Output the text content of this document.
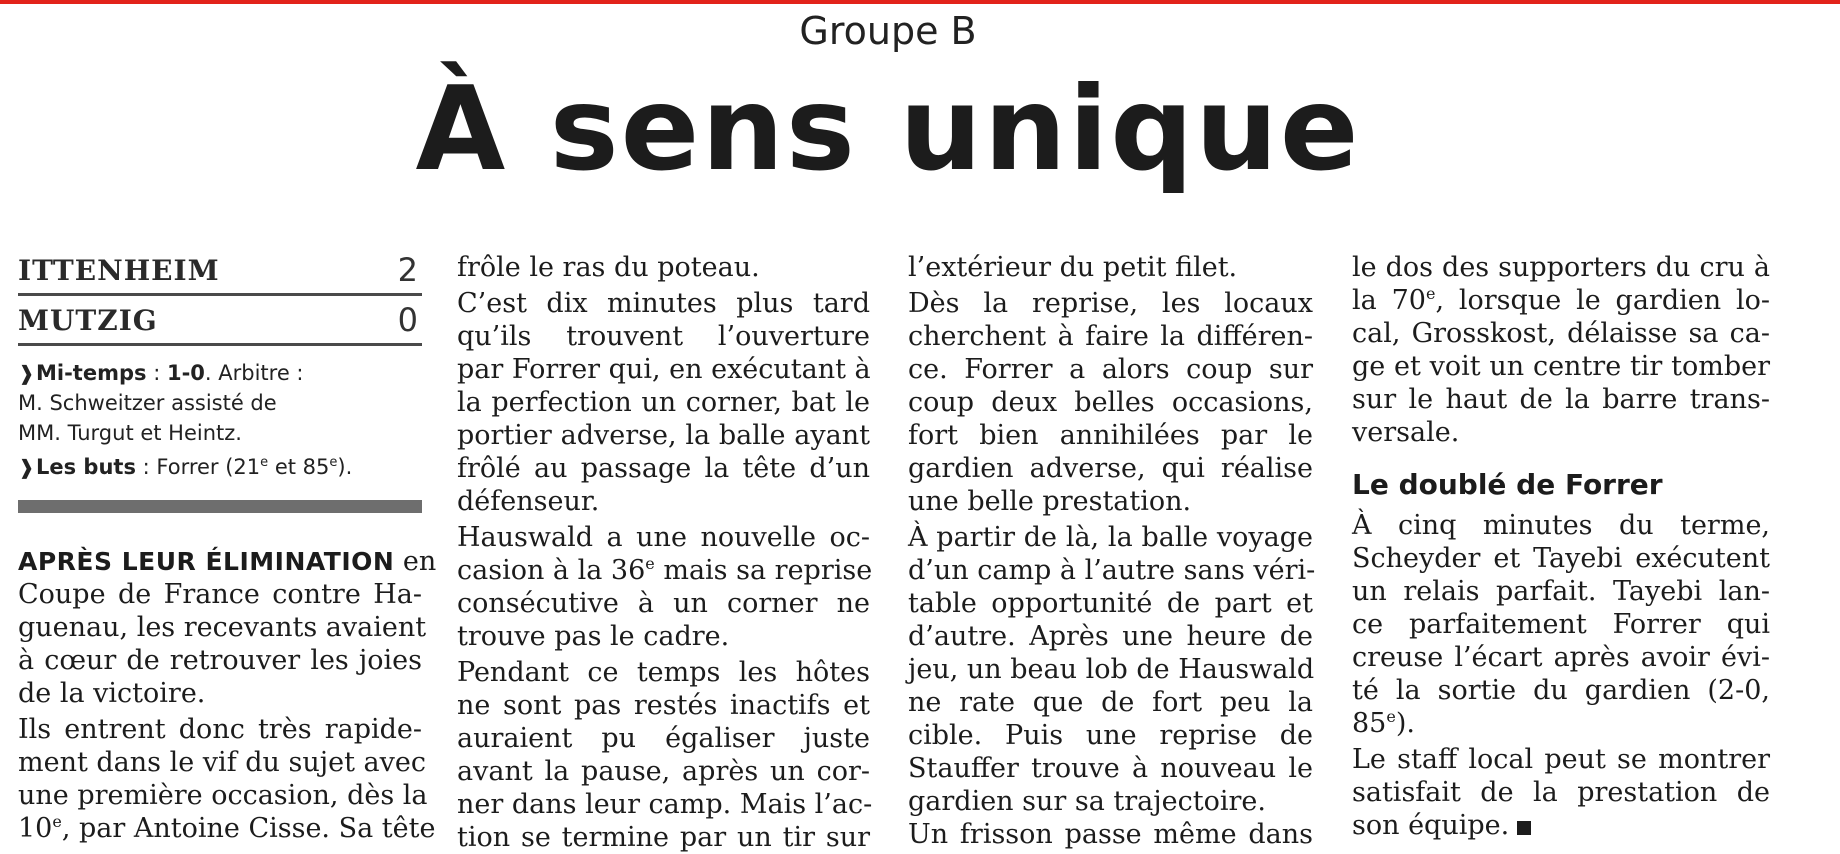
Groupe B
À sens unique
ITTENHEIM	2
MUTZIG	0
❱Mi-temps : 1-0. Arbitre :
M. Schweitzer assisté de
MM. Turgut et Heintz.
❱Les buts : Forrer (21e et 85e).
APRÈS LEUR ÉLIMINATION en
Coupe de France contre Ha-
guenau, les recevants avaient
à cœur de retrouver les joies
de la victoire.
Ils entrent donc très rapide-
ment dans le vif du sujet avec
une première occasion, dès la
10e, par Antoine Cisse. Sa tête
frôle le ras du poteau.
C’est dix minutes plus tard
qu’ils trouvent l’ouverture
par Forrer qui, en exécutant à
la perfection un corner, bat le
portier adverse, la balle ayant
frôlé au passage la tête d’un
défenseur.
Hauswald a une nouvelle oc-
casion à la 36e mais sa reprise
consécutive à un corner ne
trouve pas le cadre.
Pendant ce temps les hôtes
ne sont pas restés inactifs et
auraient pu égaliser juste
avant la pause, après un cor-
ner dans leur camp. Mais l’ac-
tion se termine par un tir sur
l’extérieur du petit filet.
Dès la reprise, les locaux
cherchent à faire la différen-
ce. Forrer a alors coup sur
coup deux belles occasions,
fort bien annihilées par le
gardien adverse, qui réalise
une belle prestation.
À partir de là, la balle voyage
d’un camp à l’autre sans véri-
table opportunité de part et
d’autre. Après une heure de
jeu, un beau lob de Hauswald
ne rate que de fort peu la
cible. Puis une reprise de
Stauffer trouve à nouveau le
gardien sur sa trajectoire.
Un frisson passe même dans
le dos des supporters du cru à
la 70e, lorsque le gardien lo-
cal, Grosskost, délaisse sa ca-
ge et voit un centre tir tomber
sur le haut de la barre trans-
versale.
Le doublé de Forrer
À cinq minutes du terme,
Scheyder et Tayebi exécutent
un relais parfait. Tayebi lan-
ce parfaitement Forrer qui
creuse l’écart après avoir évi-
té la sortie du gardien (2-0,
85e).
Le staff local peut se montrer
satisfait de la prestation de
son équipe.
